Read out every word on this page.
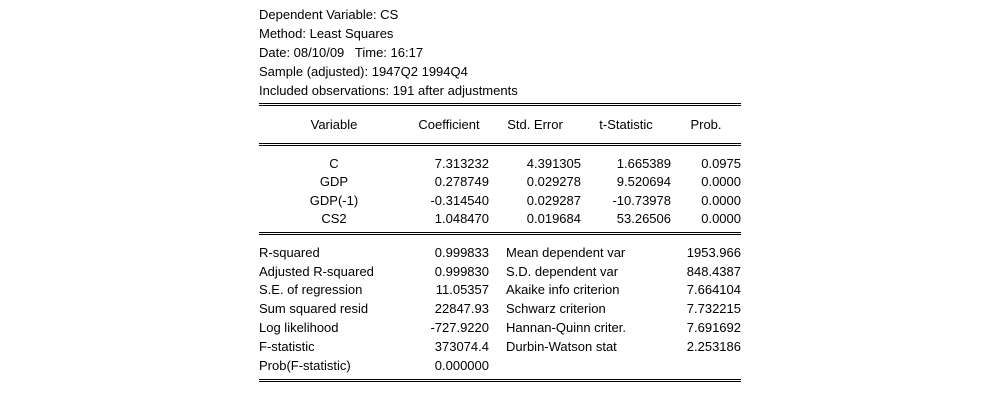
Dependent Variable: CS
Method: Least Squares
Date: 08/10/09   Time: 16:17
Sample (adjusted): 1947Q2 1994Q4
Included observations: 191 after adjustments
Variable	Coefficient	Std. Error	t-Statistic	Prob.
C	7.313232	4.391305	1.665389	0.0975
GDP	0.278749	0.029278	9.520694	0.0000
GDP(-1)	-0.314540	0.029287	-10.73978	0.0000
CS2	1.048470	0.019684	53.26506	0.0000
R-squared	0.999833	Mean dependent var	1953.966
Adjusted R-squared	0.999830	S.D. dependent var	848.4387
S.E. of regression	11.05357	Akaike info criterion	7.664104
Sum squared resid	22847.93	Schwarz criterion	7.732215
Log likelihood	-727.9220	Hannan-Quinn criter.	7.691692
F-statistic	373074.4	Durbin-Watson stat	2.253186
Prob(F-statistic)	0.000000
